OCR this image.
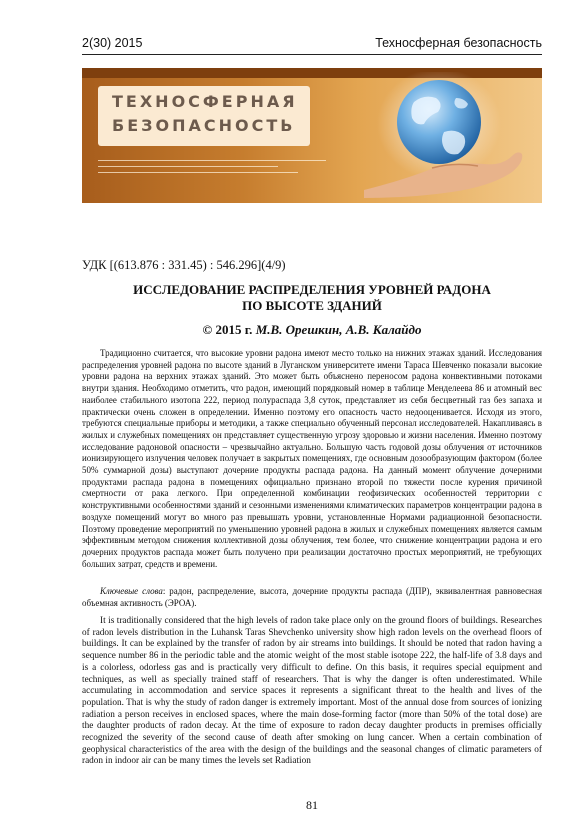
2(30) 2015	Техносферная безопасность
ТЕХНОСФЕРНАЯ
БЕЗОПАСНОСТЬ
УДК [(613.876 : 331.45) : 546.296](4/9)
ИССЛЕДОВАНИЕ РАСПРЕДЕЛЕНИЯ УРОВНЕЙ РАДОНА
ПО ВЫСОТЕ ЗДАНИЙ
© 2015 г. М.В. Орешкин, А.В. Калайдо

Традиционно считается, что высокие уровни радона имеют место только на нижних этажах зданий. Исследования распределения уровней радона по высоте зданий в Луганском университете имени Тараса Шевченко показали высокие уровни радона на верхних этажах зданий. Это может быть объяснено переносом радона конвективными потоками внутри здания. Необходимо отметить, что радон, имеющий порядковый номер в таблице Менделеева 86 и атомный вес наиболее стабильного изотопа 222, период полураспада 3,8 суток, представляет из себя бесцветный газ без запаха и практически очень сложен в определении. Именно поэтому его опасность часто недооценивается. Исходя из этого, требуются специальные приборы и методики, а также специально обученный персонал исследователей. Накапливаясь в жилых и служебных помещениях он представляет существенную угрозу здоровью и жизни населения. Именно поэтому исследование радоновой опасности – чрезвычайно актуально. Большую часть годовой дозы облучения от источников ионизирующего излучения человек получает в закрытых помещениях, где основным дозообразующим фактором (более 50% суммарной дозы) выступают дочерние продукты распада радона. На данный момент облучение дочерними продуктами распада радона в помещениях официально признано второй по тяжести после курения причиной смертности от рака легкого. При определенной комбинации геофизических особенностей территории с конструктивными особенностями зданий и сезонными изменениями климатических параметров концентрации радона в воздухе помещений могут во много раз превышать уровни, установленные Нормами радиационной безопасности. Поэтому проведение мероприятий по уменьшению уровней радона в жилых и служебных помещениях является самым эффективным методом снижения коллективной дозы облучения, тем более, что снижение концентрации радона и его дочерних продуктов распада может быть получено при реализации достаточно простых мероприятий, не требующих больших затрат, средств и времени.

Ключевые слова: радон, распределение, высота, дочерние продукты распада (ДПР), эквивалентная равновесная объемная активность (ЭРОА).

It is traditionally considered that the high levels of radon take place only on the ground floors of buildings. Researches of radon levels distribution in the Luhansk Taras Shevchenko university show high radon levels on the overhead floors of buildings. It can be explained by the transfer of radon by air streams into buildings. It should be noted that radon having a sequence number 86 in the periodic table and the atomic weight of the most stable isotope 222, the half-life of 3.8 days and is a colorless, odorless gas and is practically very difficult to define. On this basis, it requires special equipment and techniques, as well as specially trained staff of researchers. That is why the danger is often underestimated. While accumulating in accommodation and service spaces it represents a significant threat to the health and lives of the population. That is why the study of radon danger is extremely important. Most of the annual dose from sources of ionizing radiation a person receives in enclosed spaces, where the main dose-forming factor (more than 50% of the total dose) are the daughter products of radon decay. At the time of exposure to radon decay daughter products in premises officially recognized the severity of the second cause of death after smoking on lung cancer. When a certain combination of geophysical characteristics of the area with the design of the buildings and the seasonal changes of climatic parameters of radon in indoor air can be many times the levels set Radiation

81
